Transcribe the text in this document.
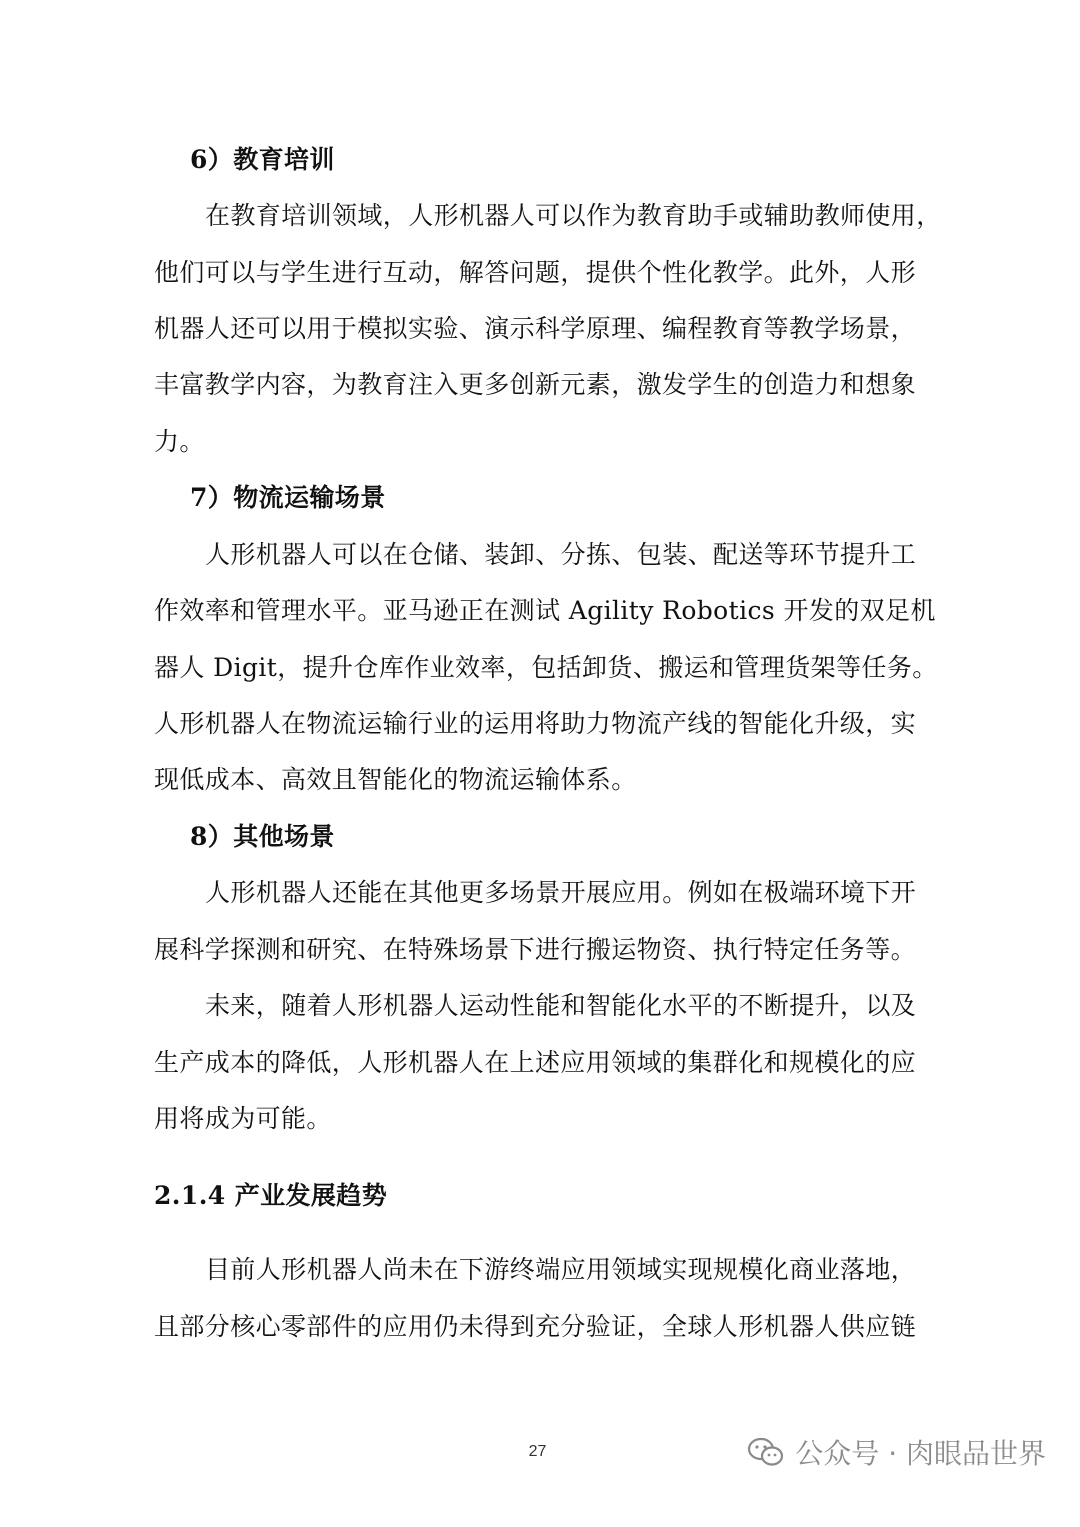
6）教育培训
在教育培训领域，人形机器人可以作为教育助手或辅助教师使用，
他们可以与学生进行互动，解答问题，提供个性化教学。此外，人形
机器人还可以用于模拟实验、演示科学原理、编程教育等教学场景，
丰富教学内容，为教育注入更多创新元素，激发学生的创造力和想象
力。
7）物流运输场景
人形机器人可以在仓储、装卸、分拣、包装、配送等环节提升工
作效率和管理水平。亚马逊正在测试 Agility Robotics 开发的双足机
器人 Digit，提升仓库作业效率，包括卸货、搬运和管理货架等任务。
人形机器人在物流运输行业的运用将助力物流产线的智能化升级，实
现低成本、高效且智能化的物流运输体系。
8）其他场景
人形机器人还能在其他更多场景开展应用。例如在极端环境下开
展科学探测和研究、在特殊场景下进行搬运物资、执行特定任务等。
未来，随着人形机器人运动性能和智能化水平的不断提升，以及
生产成本的降低，人形机器人在上述应用领域的集群化和规模化的应
用将成为可能。
2.1.4 产业发展趋势
目前人形机器人尚未在下游终端应用领域实现规模化商业落地，
且部分核心零部件的应用仍未得到充分验证，全球人形机器人供应链
27	公众号 · 肉眼品世界
